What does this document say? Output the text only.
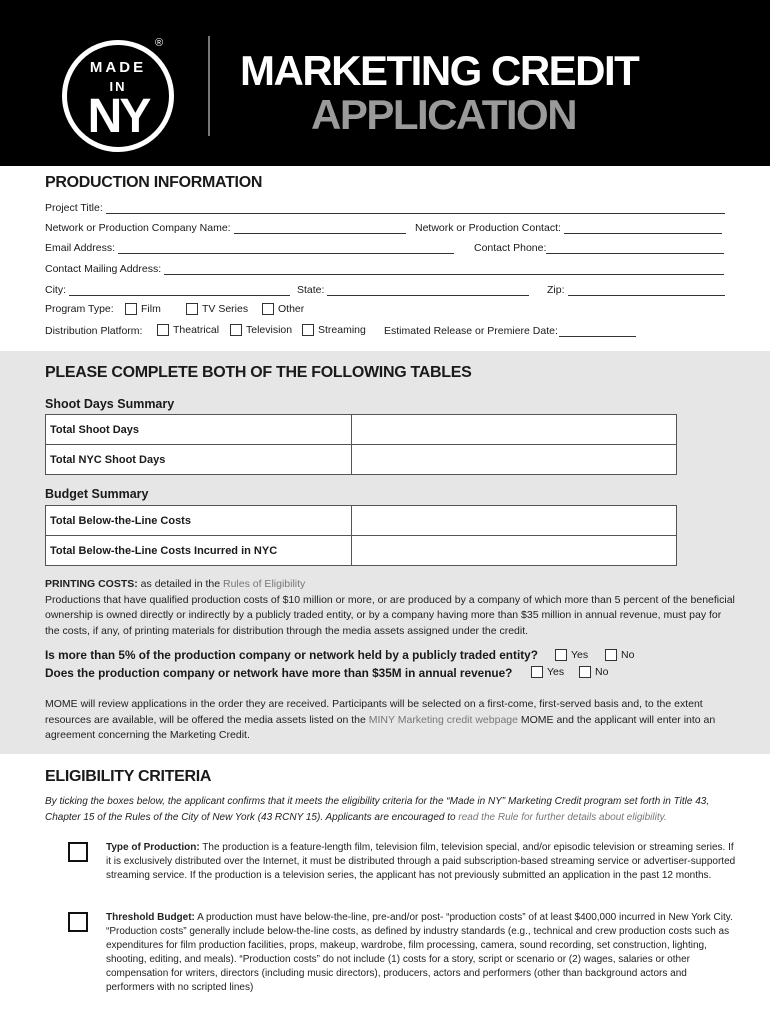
MADE
IN
NY
®
MARKETING CREDIT
APPLICATION
PRODUCTION INFORMATION
Project Title:
Network or Production Company Name:	Network or Production Contact:
Email Address:	Contact Phone:
Contact Mailing Address:
City:	State:	Zip:
Program Type:	Film	TV Series	Other
Distribution Platform:	Theatrical	Television Streaming Estimated Release or Premiere Date:
PLEASE COMPLETE BOTH OF THE FOLLOWING TABLES
Shoot Days Summary
Total Shoot Days	
Total NYC Shoot Days	
Budget Summary
Total Below-the-Line Costs	
Total Below-the-Line Costs Incurred in NYC	
PRINTING COSTS: as detailed in the Rules of Eligibility
Productions that have qualified production costs of $10 million or more, or are produced by a company of which more than 5 percent of the beneficial ownership is owned directly or indirectly by a publicly traded entity, or by a company having more than $35 million in annual revenue, must pay for the costs, if any, of printing materials for distribution through the media assets assigned under the credit.
Is more than 5% of the production company or network held by a publicly traded entity?	Yes	No
Does the production company or network have more than $35M in annual revenue?	Yes	No
MOME will review applications in the order they are received. Participants will be selected on a first-come, first-served basis and, to the extent resources are available, will be offered the media assets listed on the MINY Marketing credit webpage MOME and the applicant will enter into an agreement concerning the Marketing Credit.
ELIGIBILITY CRITERIA
By ticking the boxes below, the applicant confirms that it meets the eligibility criteria for the “Made in NY” Marketing Credit program set forth in Title 43, Chapter 15 of the Rules of the City of New York (43 RCNY 15). Applicants are encouraged to read the Rule for further details about eligibility.
Type of Production: The production is a feature-length film, television film, television special, and/or episodic television or streaming series. If it is exclusively distributed over the Internet, it must be distributed through a paid subscription-based streaming service or advertiser-supported streaming service. If the production is a television series, the applicant has not previously submitted an application in the past 12 months.
Threshold Budget: A production must have below-the-line, pre-and/or post- “production costs” of at least $400,000 incurred in New York City. “Production costs” generally include below-the-line costs, as defined by industry standards (e.g., technical and crew production costs such as expenditures for film production facilities, props, makeup, wardrobe, film processing, camera, sound recording, set construction, lighting, shooting, editing, and meals). “Production costs” do not include (1) costs for a story, script or scenario or (2) wages, salaries or other compensation for writers, directors (including music directors), producers, actors and performers (other than background actors and performers with no scripted lines)
